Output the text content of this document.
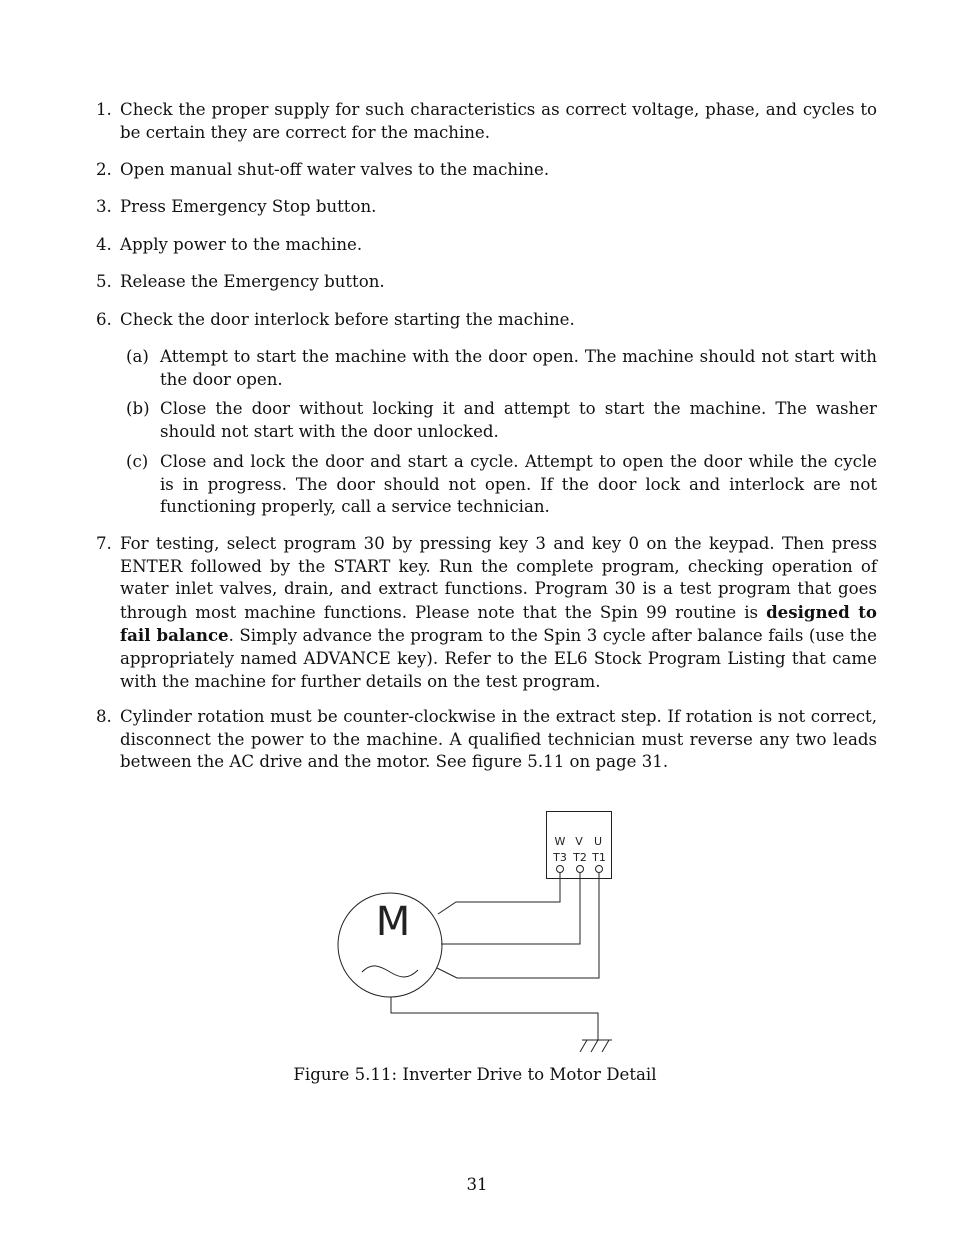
1. Check the proper supply for such characteristics as correct voltage, phase, and cycles to be certain they are correct for the machine.
2. Open manual shut-off water valves to the machine.
3. Press Emergency Stop button.
4. Apply power to the machine.
5. Release the Emergency button.
6. Check the door interlock before starting the machine.
(a) Attempt to start the machine with the door open. The machine should not start with the door open.
(b) Close the door without locking it and attempt to start the machine. The washer should not start with the door unlocked.
(c) Close and lock the door and start a cycle. Attempt to open the door while the cycle is in progress. The door should not open. If the door lock and interlock are not functioning properly, call a service technician.
7. For testing, select program 30 by pressing key 3 and key 0 on the keypad. Then press ENTER followed by the START key. Run the complete program, checking operation of water inlet valves, drain, and extract functions. Program 30 is a test program that goes through most machine functions. Please note that the Spin 99 routine is designed to fail balance. Simply advance the program to the Spin 3 cycle after balance fails (use the appropriately named ADVANCE key). Refer to the EL6 Stock Program Listing that came with the machine for further details on the test program.
8. Cylinder rotation must be counter-clockwise in the extract step. If rotation is not correct, disconnect the power to the machine. A qualified technician must reverse any two leads between the AC drive and the motor. See figure 5.11 on page 31.
M
W V U
T3 T2 T1
Figure 5.11: Inverter Drive to Motor Detail
31
